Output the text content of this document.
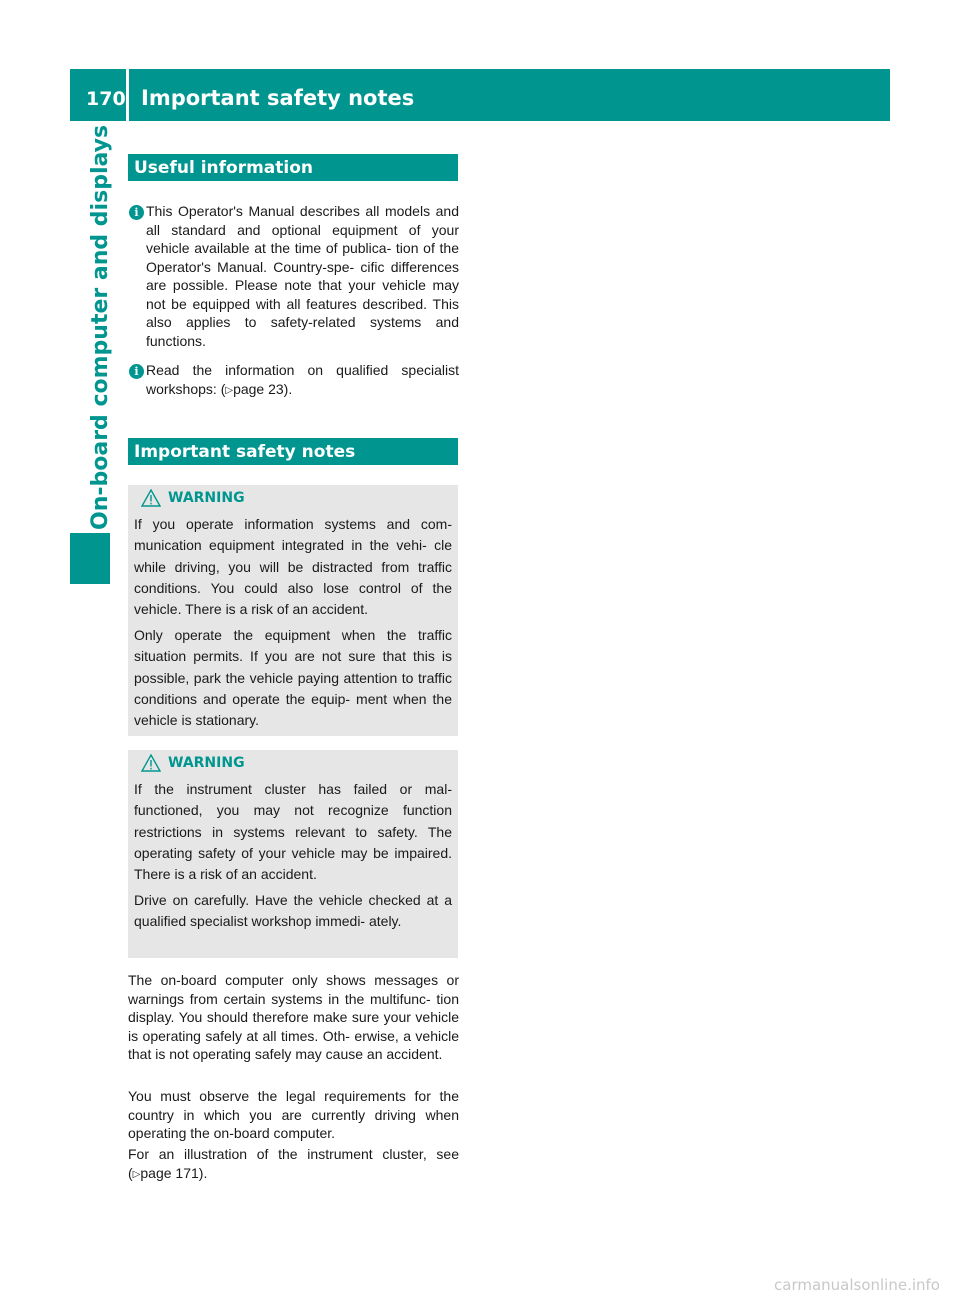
170 Important safety notes
On-board computer and displays Useful information
i This Operator's Manual describes all models and all standard and optional equipment of your vehicle available at the time of publica- tion of the Operator's Manual. Country-spe- cific differences are possible. Please note that your vehicle may not be equipped with all features described. This also applies to safety-related systems and functions.
i Read the information on qualified specialist workshops: (▷page 23).
Important safety notes
WARNING
If you operate information systems and com- munication equipment integrated in the vehi- cle while driving, you will be distracted from traffic conditions. You could also lose control of the vehicle. There is a risk of an accident.
Only operate the equipment when the traffic situation permits. If you are not sure that this is possible, park the vehicle paying attention to traffic conditions and operate the equip- ment when the vehicle is stationary.
WARNING
If the instrument cluster has failed or mal- functioned, you may not recognize function restrictions in systems relevant to safety. The operating safety of your vehicle may be impaired. There is a risk of an accident.
Drive on carefully. Have the vehicle checked at a qualified specialist workshop immedi- ately.
The on-board computer only shows messages or warnings from certain systems in the multifunc- tion display. You should therefore make sure your vehicle is operating safely at all times. Oth- erwise, a vehicle that is not operating safely may cause an accident.
You must observe the legal requirements for the country in which you are currently driving when operating the on-board computer.
For an illustration of the instrument cluster, see (▷page 171).
carmanualsonline.info
